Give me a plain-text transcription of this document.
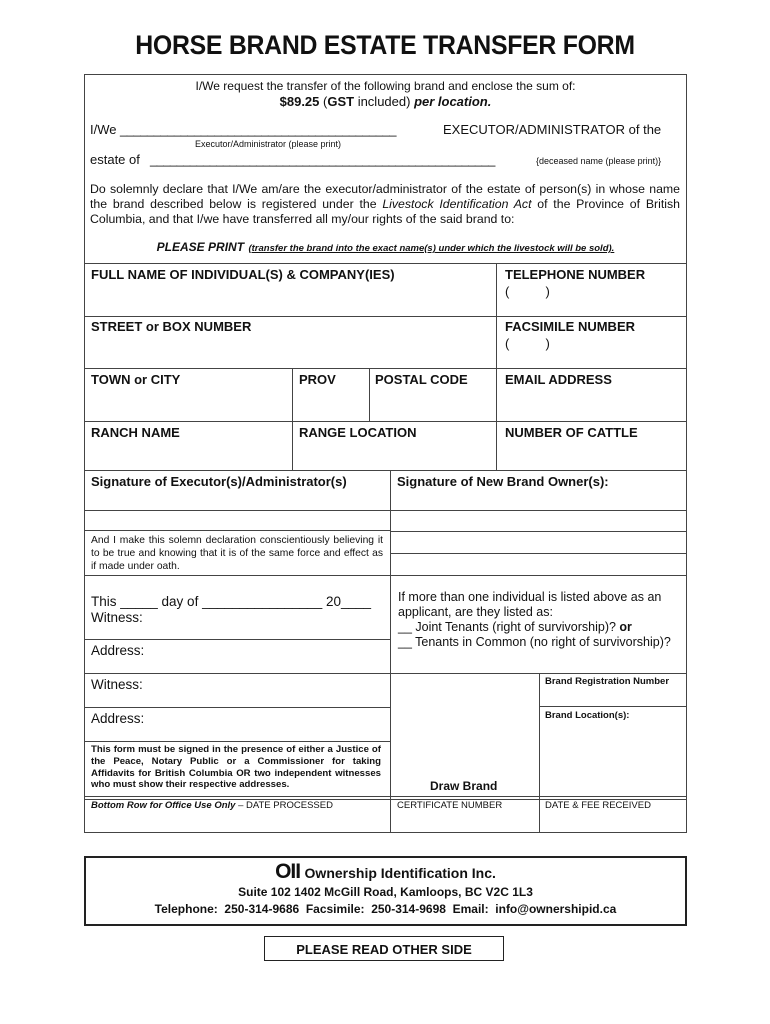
HORSE BRAND ESTATE TRANSFER FORM
I/We request the transfer of the following brand and enclose the sum of:
$89.25 (GST included) per location.
I/We _________________________________________	EXECUTOR/ADMINISTRATOR of the
Executor/Administrator (please print)
estate of ____________________________________________________	{deceased name (please print)}
Do solemnly declare that I/We am/are the executor/administrator of the estate of person(s) in whose name the brand described below is registered under the Livestock Identification Act of the Province of British Columbia, and that I/we have transferred all my/our rights of the said brand to:
PLEASE PRINT (transfer the brand into the exact name(s) under which the livestock will be sold).
FULL NAME OF INDIVIDUAL(S) & COMPANY(IES)	TELEPHONE NUMBER
(          )
STREET or BOX NUMBER	FACSIMILE NUMBER
(          )
TOWN or CITY	PROV	POSTAL CODE	EMAIL ADDRESS
RANCH NAME	RANGE LOCATION	NUMBER OF CATTLE
Signature of Executor(s)/Administrator(s)	Signature of New Brand Owner(s):
And I make this solemn declaration conscientiously believing it to be true and knowing that it is of the same force and effect as if made under oath.
This _____ day of ________________ 20____
Witness:
Address:
Witness:
Address:
This form must be signed in the presence of either a Justice of the Peace, Notary Public or a Commissioner for taking Affidavits for British Columbia OR two independent witnesses who must show their respective addresses.
If more than one individual is listed above as an applicant, are they listed as:
__ Joint Tenants (right of survivorship)? or
__ Tenants in Common (no right of survivorship)?
Brand Registration Number
Brand Location(s):
Draw Brand
Bottom Row for Office Use Only – DATE PROCESSED	CERTIFICATE NUMBER	DATE & FEE RECEIVED
OII Ownership Identification Inc.
Suite 102 1402 McGill Road, Kamloops, BC V2C 1L3
Telephone:  250-314-9686  Facsimile:  250-314-9698  Email:  info@ownershipid.ca
PLEASE READ OTHER SIDE
